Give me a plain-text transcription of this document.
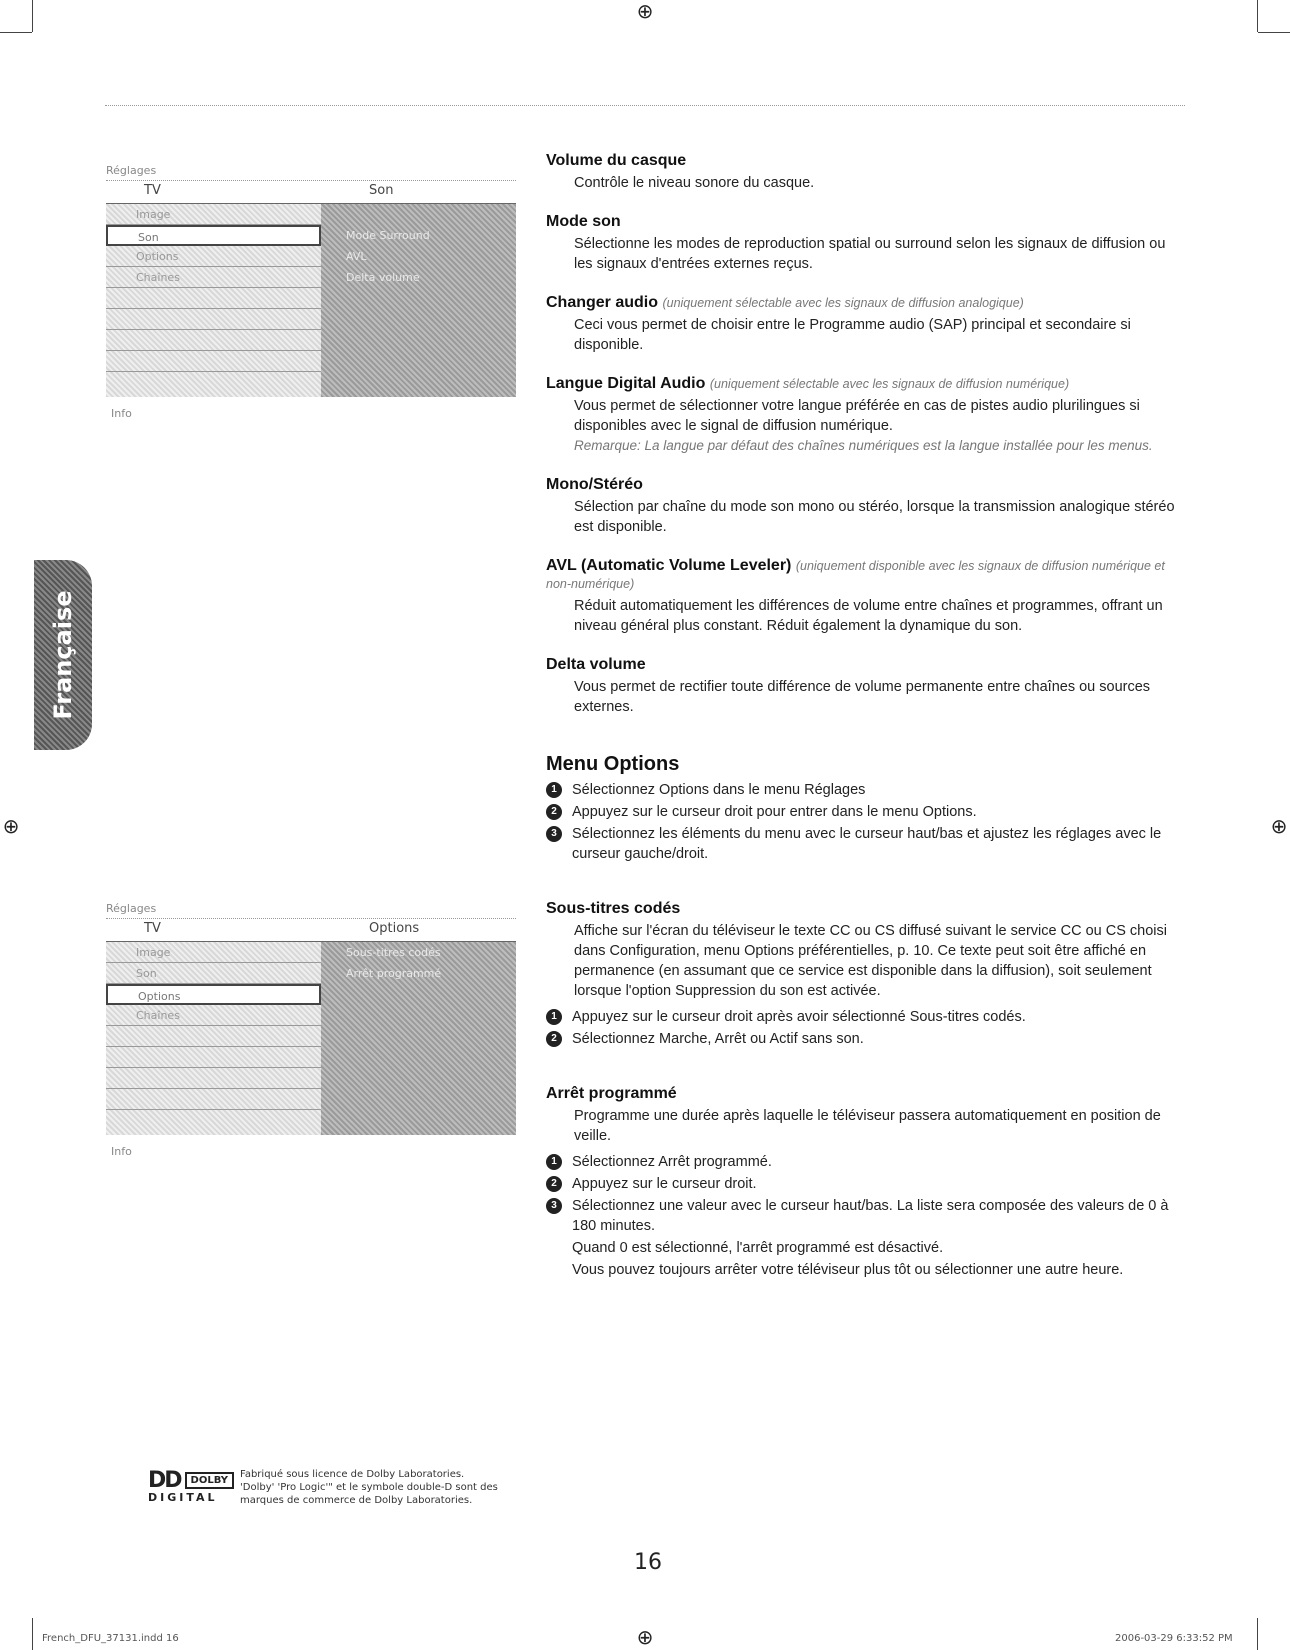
⊕
⊕	⊕
⊕
Réglages
TV	Son
Image
Son
Options
Chaînes
Mode Surround
AVL
Delta volume
Info
Française
Réglages
TV	Options
Image
Son
Options
Chaînes
Sous-titres codés
Arrêt programmé
Info
Volume du casque

Contrôle le niveau sonore du casque.

Mode son

Sélectionne les modes de reproduction spatial ou surround selon les signaux de diffusion ou les signaux d'entrées externes reçus.

Changer audio (uniquement sélectable avec les signaux de diffusion analogique)

Ceci vous permet de choisir entre le Programme audio (SAP) principal et secondaire si disponible.

Langue Digital Audio (uniquement sélectable avec les signaux de diffusion numérique)

Vous permet de sélectionner votre langue préférée en cas de pistes audio plurilingues si disponibles avec le signal de diffusion numérique.

Remarque: La langue par défaut des chaînes numériques est la langue installée pour les menus.

Mono/Stéréo

Sélection par chaîne du mode son mono ou stéréo, lorsque la transmission analogique stéréo est disponible.

AVL (Automatic Volume Leveler) (uniquement disponible avec les signaux de diffusion numérique et non-numérique)

Réduit automatiquement les différences de volume entre chaînes et programmes, offrant un niveau général plus constant. Réduit également la dynamique du son.

Delta volume

Vous permet de rectifier toute différence de volume permanente entre chaînes ou sources externes.

Menu Options
1	Sélectionnez Options dans le menu Réglages
2	Appuyez sur le curseur droit pour entrer dans le menu Options.
3	Sélectionnez les éléments du menu avec le curseur haut/bas et ajustez les réglages avec le curseur gauche/droit.
Sous-titres codés

Affiche sur l'écran du téléviseur le texte CC ou CS diffusé suivant le service CC ou CS choisi dans Configuration, menu Options préférentielles, p. 10. Ce texte peut soit être affiché en permanence (en assumant que ce service est disponible dans la diffusion), soit seulement lorsque l'option Suppression du son est activée.

1	Appuyez sur le curseur droit après avoir sélectionné Sous-titres codés.
2	Sélectionnez Marche, Arrêt ou Actif sans son.
Arrêt programmé

Programme une durée après laquelle le téléviseur passera automatiquement en position de veille.

1	Sélectionnez Arrêt programmé.
2	Appuyez sur le curseur droit.
3	Sélectionnez une valeur avec le curseur haut/bas. La liste sera composée des valeurs de 0 à 180 minutes.
Quand 0 est sélectionné, l'arrêt programmé est désactivé.
Vous pouvez toujours arrêter votre téléviseur plus tôt ou sélectionner une autre heure.
DD DOLBY
DIGITAL
Fabriqué sous licence de Dolby Laboratories.
'Dolby' 'Pro Logic'" et le symbole double-D sont des
marques de commerce de Dolby Laboratories.
16
French_DFU_37131.indd 16	2006-03-29 6:33:52 PM
